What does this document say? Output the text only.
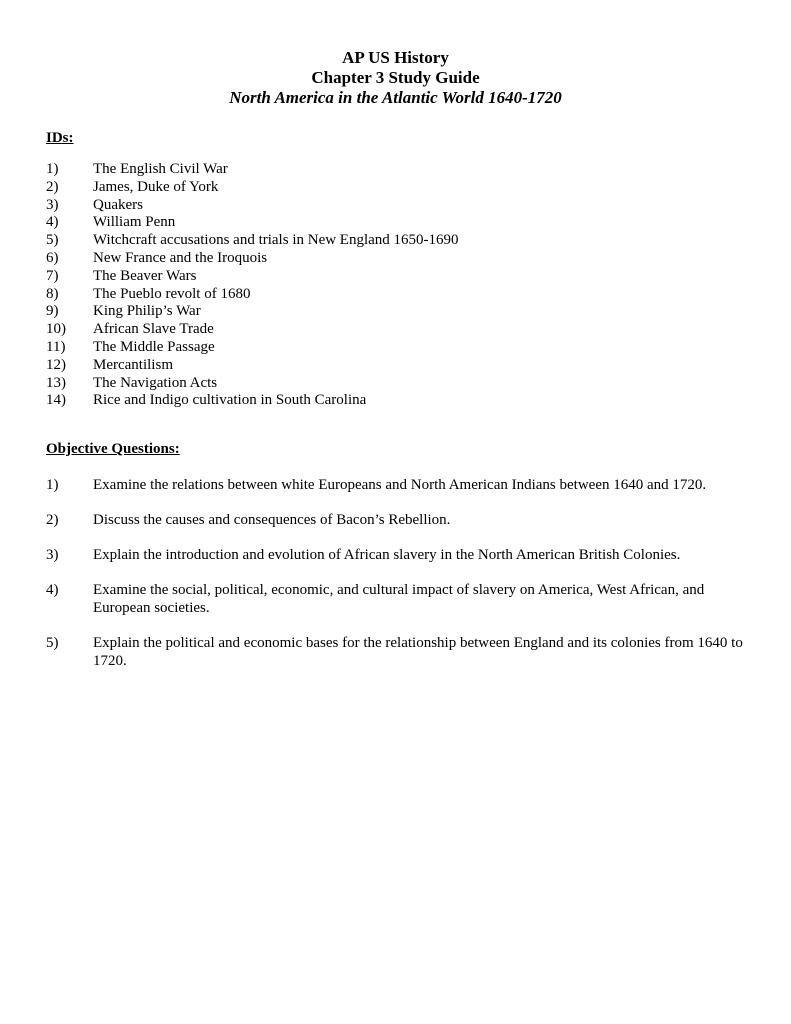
AP US History
Chapter 3 Study Guide
North America in the Atlantic World 1640-1720
IDs:
1)	The English Civil War
2)	James, Duke of York
3)	Quakers
4)	William Penn
5)	Witchcraft accusations and trials in New England 1650-1690
6)	New France and the Iroquois
7)	The Beaver Wars
8)	The Pueblo revolt of 1680
9)	King Philip’s War
10)	African Slave Trade
11)	The Middle Passage
12)	Mercantilism
13)	The Navigation Acts
14)	Rice and Indigo cultivation in South Carolina
Objective Questions:
1)	Examine the relations between white Europeans and North American Indians between 1640 and 1720.
2)	Discuss the causes and consequences of Bacon’s Rebellion.
3)	Explain the introduction and evolution of African slavery in the North American British Colonies.
4)	Examine the social, political, economic, and cultural impact of slavery on America, West African, and European societies.
5)	Explain the political and economic bases for the relationship between England and its colonies from 1640 to 1720.
